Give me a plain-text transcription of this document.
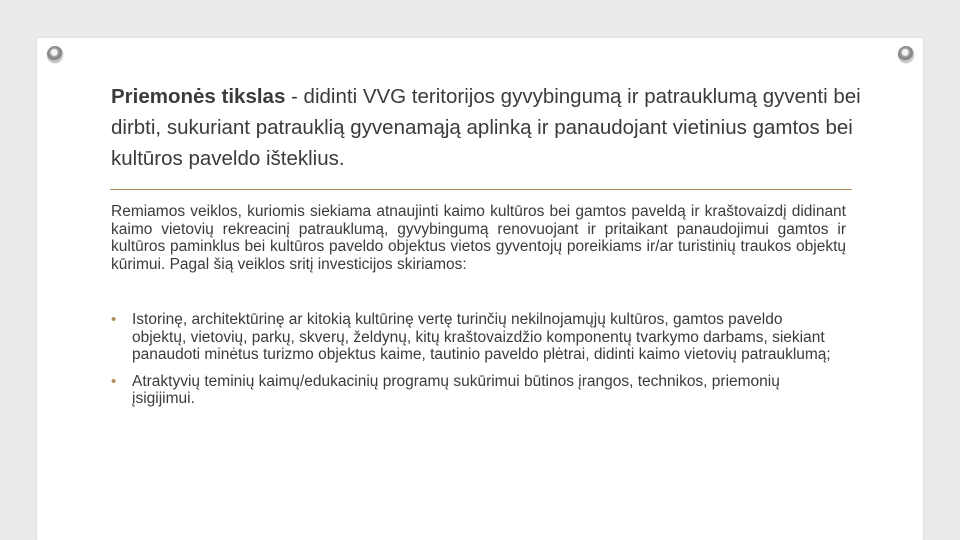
Priemonės tikslas - didinti VVG teritorijos gyvybingumą ir patrauklumą gyventi bei dirbti, sukuriant patrauklią gyvenamąją aplinką ir panaudojant vietinius gamtos bei kultūros paveldo išteklius.

Remiamos veiklos, kuriomis siekiama atnaujinti kaimo kultūros bei gamtos paveldą ir kraštovaizdį didinant kaimo vietovių rekreacinį patrauklumą, gyvybingumą renovuojant ir pritaikant panaudojimui gamtos ir kultūros paminklus bei kultūros paveldo objektus vietos gyventojų poreikiams ir/ar turistinių traukos objektų kūrimui. Pagal šią veiklos sritį investicijos skiriamos:

• Istorinę, architektūrinę ar kitokią kultūrinę vertę turinčių nekilnojamųjų kultūros, gamtos paveldo objektų, vietovių, parkų, skverų, želdynų, kitų kraštovaizdžio komponentų tvarkymo darbams, siekiant panaudoti minėtus turizmo objektus kaime, tautinio paveldo plėtrai, didinti kaimo vietovių patrauklumą;
• Atraktyvių teminių kaimų/edukacinių programų sukūrimui būtinos įrangos, technikos, priemonių įsigijimui.
